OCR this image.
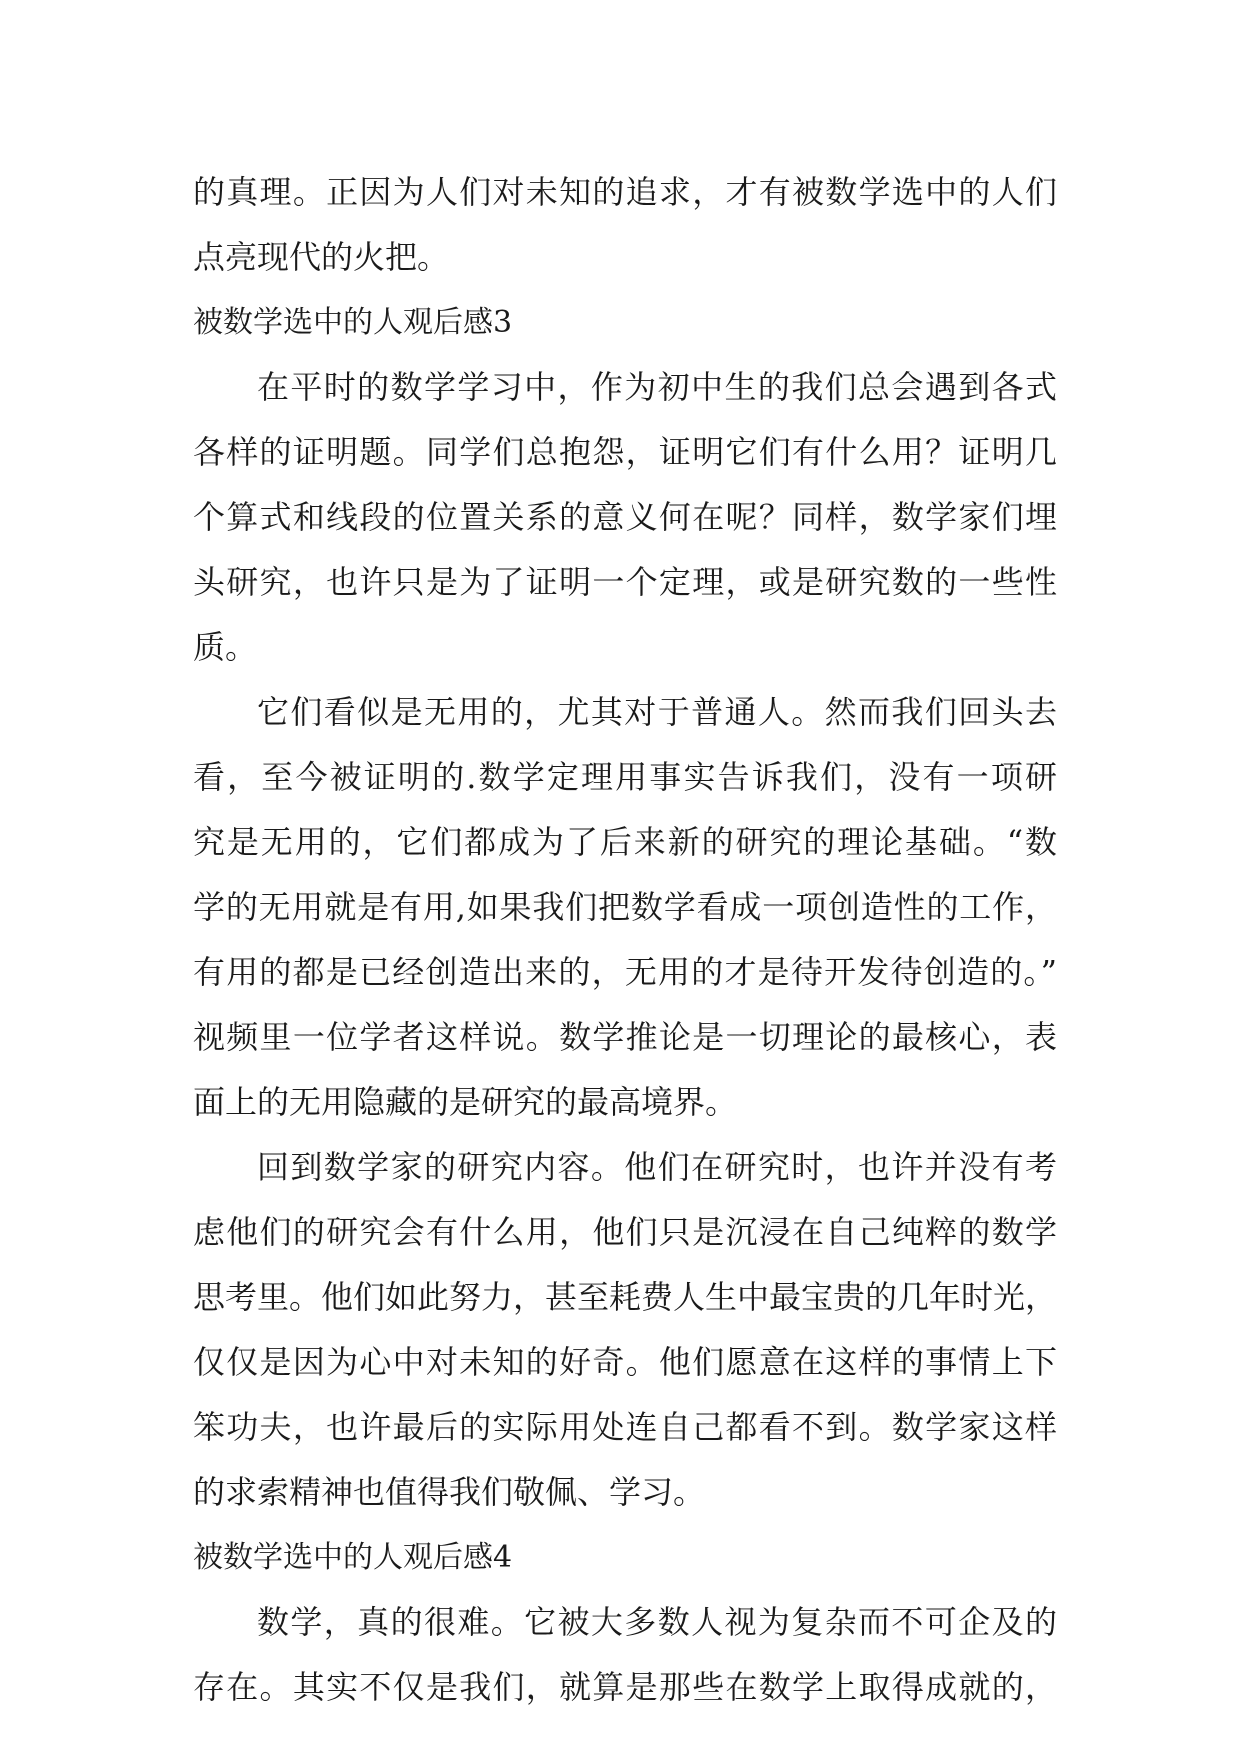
的真理。正因为人们对未知的追求，才有被数学选中的人们
点亮现代的火把。
被数学选中的人观后感3
在平时的数学学习中，作为初中生的我们总会遇到各式
各样的证明题。同学们总抱怨，证明它们有什么用？证明几
个算式和线段的位置关系的意义何在呢？同样，数学家们埋
头研究，也许只是为了证明一个定理，或是研究数的一些性
质。
它们看似是无用的，尤其对于普通人。然而我们回头去
看，至今被证明的.数学定理用事实告诉我们，没有一项研
究是无用的，它们都成为了后来新的研究的理论基础。“数
学的无用就是有用,如果我们把数学看成一项创造性的工作，
有用的都是已经创造出来的，无用的才是待开发待创造的。”
视频里一位学者这样说。数学推论是一切理论的最核心，表
面上的无用隐藏的是研究的最高境界。
回到数学家的研究内容。他们在研究时，也许并没有考
虑他们的研究会有什么用，他们只是沉浸在自己纯粹的数学
思考里。他们如此努力，甚至耗费人生中最宝贵的几年时光，
仅仅是因为心中对未知的好奇。他们愿意在这样的事情上下
笨功夫，也许最后的实际用处连自己都看不到。数学家这样
的求索精神也值得我们敬佩、学习。
被数学选中的人观后感4
数学，真的很难。它被大多数人视为复杂而不可企及的
存在。其实不仅是我们，就算是那些在数学上取得成就的，
